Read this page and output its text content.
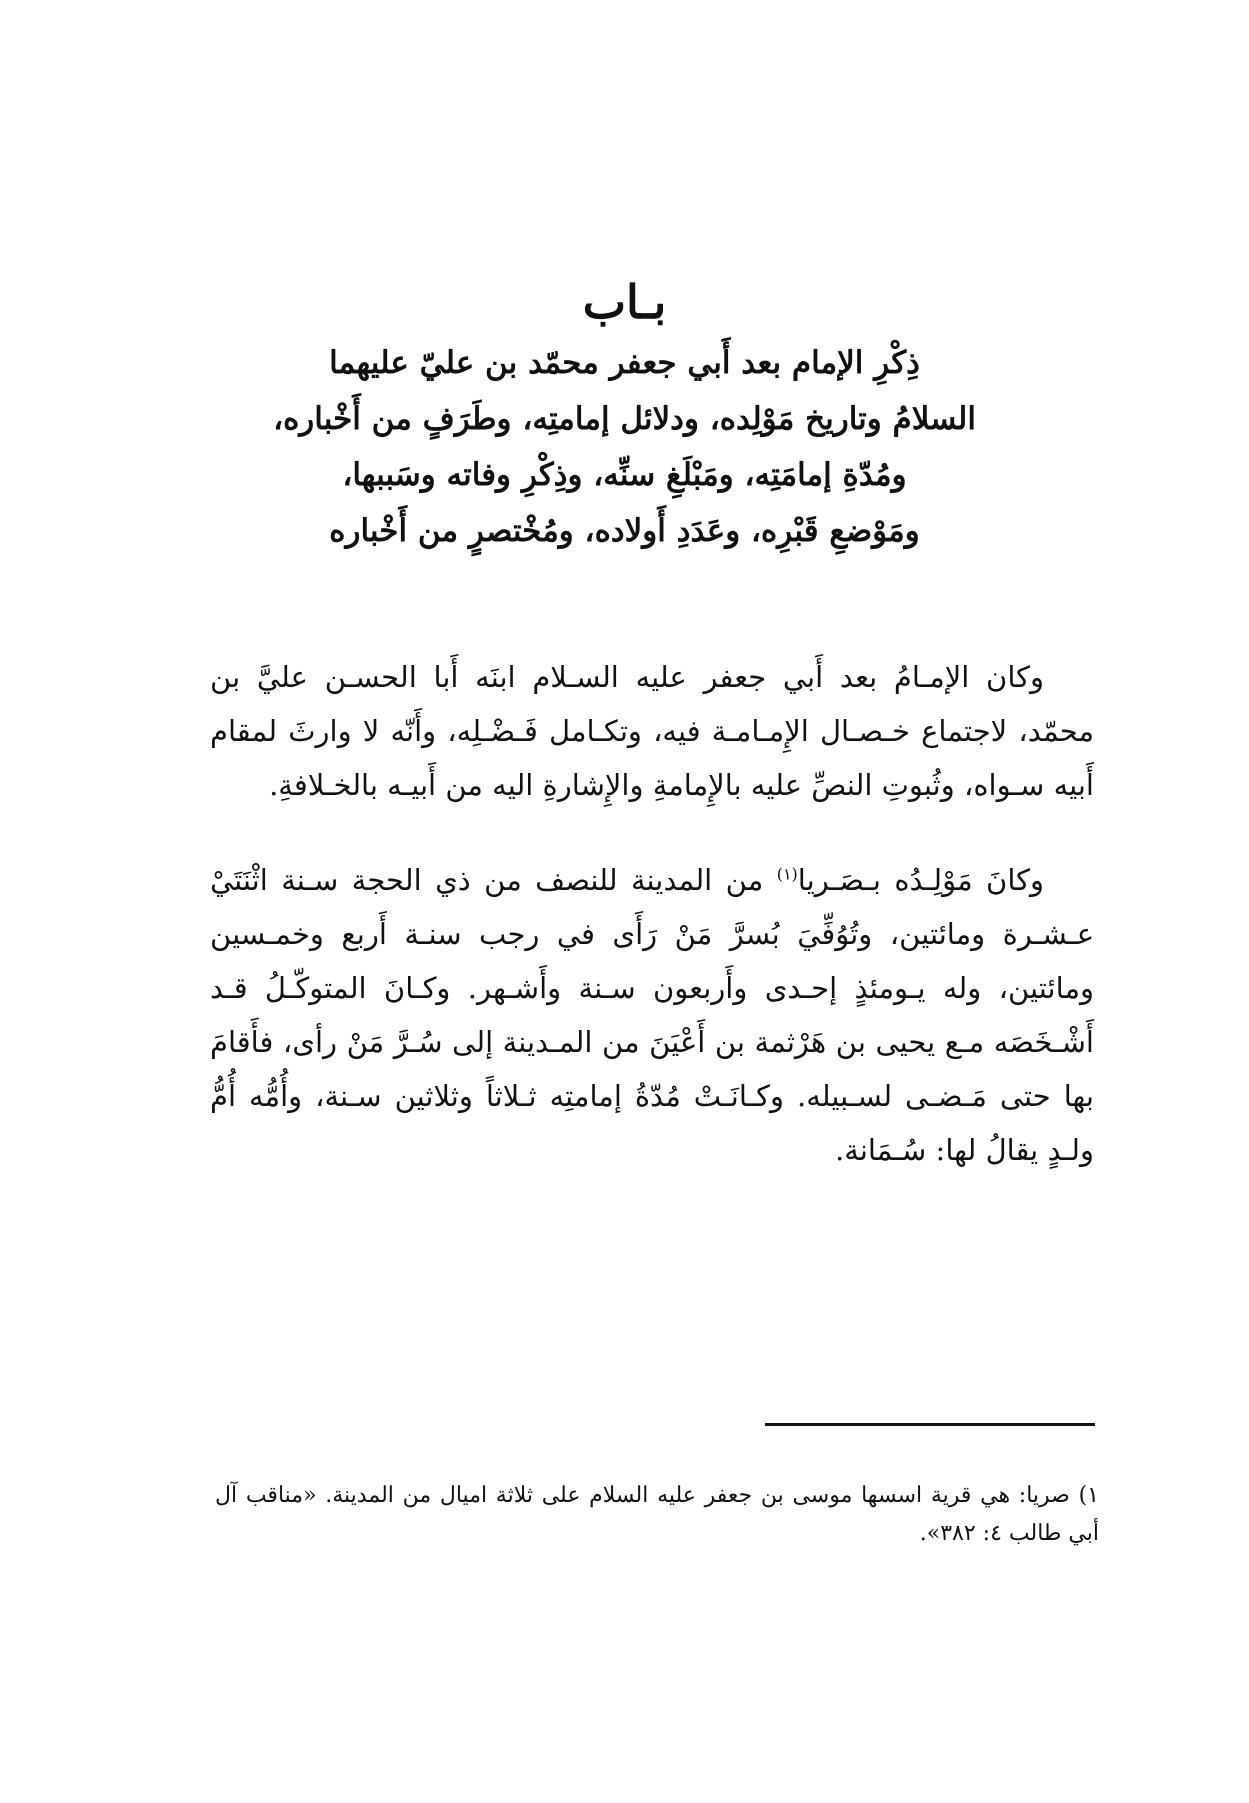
بـاب
ذِكْرِ الإمام بعد أَبي جعفر محمّد بن عليّ عليهما
السلامُ وتاريخ مَوْلِده، ودلائل إمامتِه، وطَرَفٍ من أَخْباره،
ومُدّةِ إمامَتِه، ومَبْلَغِ سنِّه، وذِكْرِ وفاته وسَببها،
ومَوْضعِ قَبْرِه، وعَدَدِ أَولاده، ومُخْتصرٍ من أَخْباره
وكان الإمـامُ بعد أَبي جعفر عليه السـلام ابنَه أَبا الحسـن عليَّ بن محمّد، لاجتماع خـصـال الإِمـامـة فيه، وتكـامل فَـضْـلِه، وأَنّه لا وارثَ لمقام أَبيه سـواه، وثُبوتِ النصِّ عليه بالإِمامةِ والإِشارةِ اليه من أَبيـه بالخـلافةِ.
وكانَ مَوْلِـدُه بـصَـريا$^{(١)}$ من المدينة للنصف من ذي الحجة سـنة اثْنَتَيْ عـشـرة ومائتين، وتُوُفِّيَ بُسرَّ مَنْ رَأَى في رجب سنـة أَربع وخمـسين ومائتين، وله يـومئذٍ إحـدى وأَربعون سـنة وأَشـهر. وكـانَ المتوكّـلُ قـد أَشْـخَصَه مـع يحيى بن هَرْثمة بن أَعْيَنَ من المـدينة إلى سُـرَّ مَنْ رأى، فأَقامَ بها حتى مَـضـى لسـبيله. وكـانَـتْ مُدّةُ إمامتِه ثـلاثاً وثلاثين سـنة، وأُمُّه أُمُّ ولـدٍ يقالُ لها: سُـمَانة.
١) صريا: هي قرية اسسها موسى بن جعفر عليه السلام على ثلاثة اميال من المدينة. «مناقب آل أبي طالب ٤: ٣٨٢».
